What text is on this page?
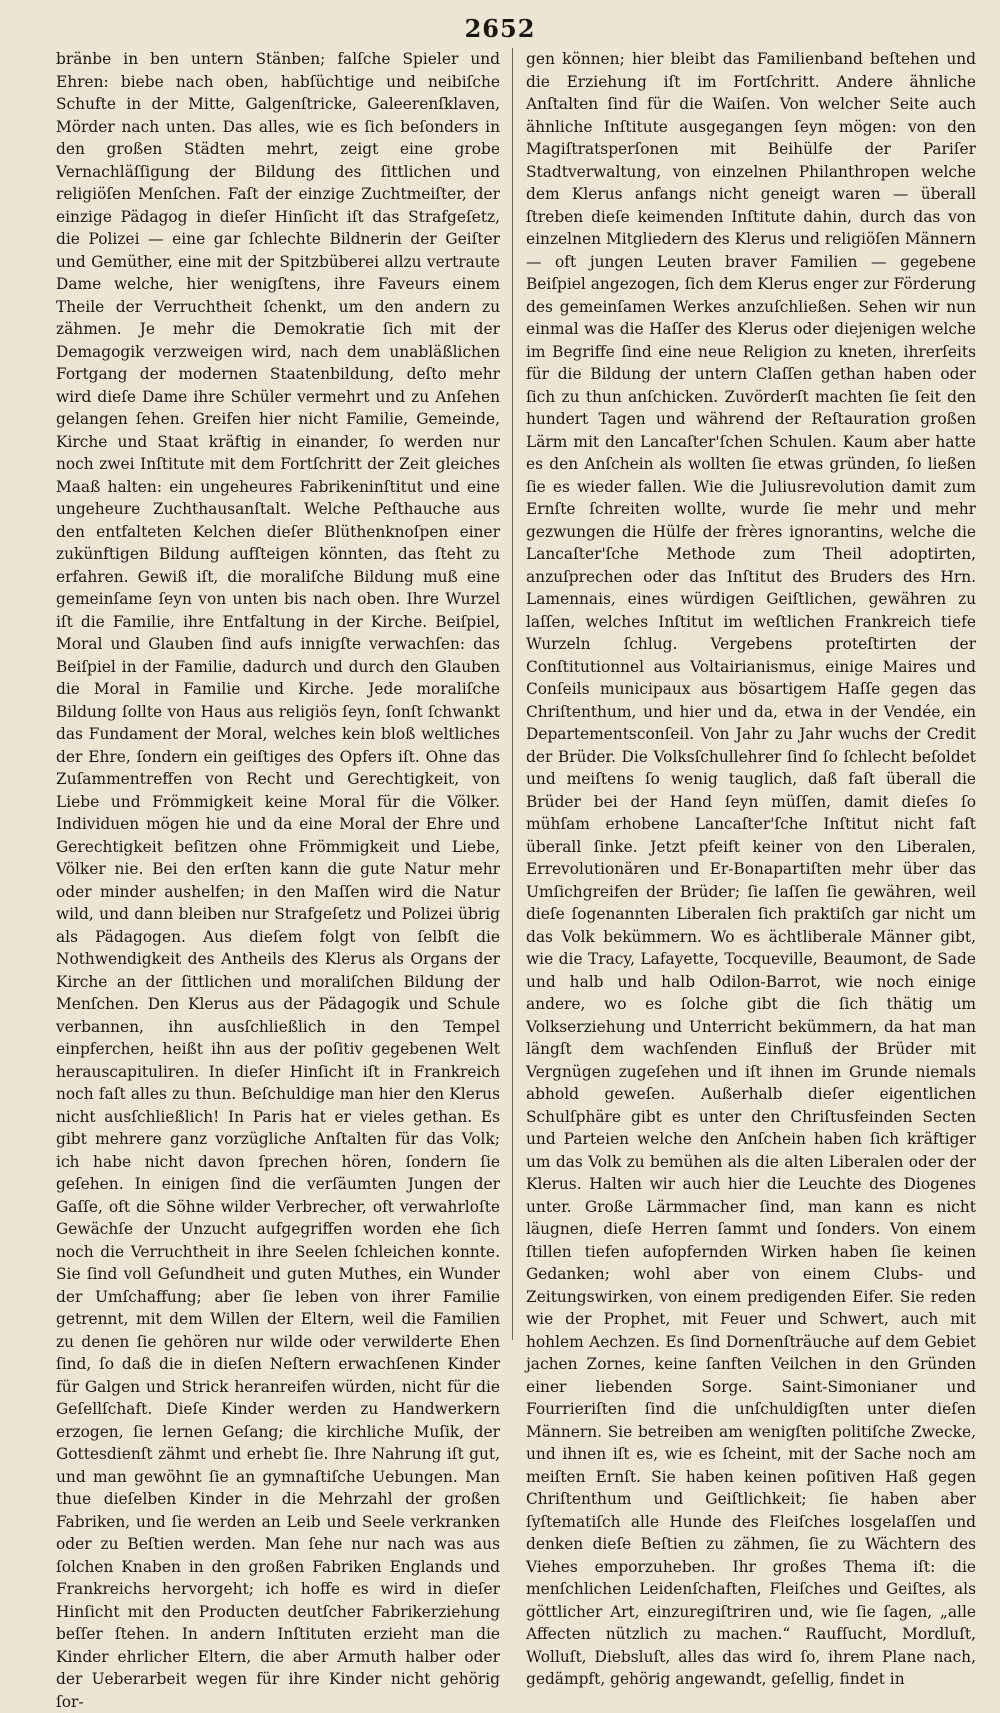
2652

bränbe in ben untern Stänben; falſche Spieler und Ehren: biebe nach oben, habſüchtige und neibiſche Schufte in der Mitte, Galgenſtricke, Galeerenſklaven, Mörder nach unten. Das alles, wie es ſich beſonders in den großen Städten mehrt, zeigt eine grobe Vernachläſſigung der Bildung des ſittlichen und religiöſen Menſchen. Faſt der einzige Zuchtmeiſter, der einzige Pädagog in dieſer Hinſicht iſt das Strafgeſetz, die Polizei — eine gar ſchlechte Bildnerin der Geiſter und Gemüther, eine mit der Spitzbüberei allzu vertraute Dame welche, hier wenigſtens, ihre Faveurs einem Theile der Verruchtheit ſchenkt, um den andern zu zähmen. Je mehr die Demokratie ſich mit der Demagogik verzweigen wird, nach dem unabläßlichen Fortgang der modernen Staatenbildung, deſto mehr wird dieſe Dame ihre Schüler vermehrt und zu Anſehen gelangen ſehen. Greifen hier nicht Familie, Gemeinde, Kirche und Staat kräftig in einander, ſo werden nur noch zwei Inſtitute mit dem Fortſchritt der Zeit gleiches Maaß halten: ein ungeheures Fabrikeninſtitut und eine ungeheure Zuchthausanſtalt. Welche Peſthauche aus den entfalteten Kelchen dieſer Blüthenknoſpen einer zukünftigen Bildung aufſteigen könnten, das ſteht zu erfahren. Gewiß iſt, die moraliſche Bildung muß eine gemeinſame ſeyn von unten bis nach oben. Ihre Wurzel iſt die Familie, ihre Entfaltung in der Kirche. Beiſpiel, Moral und Glauben ſind aufs innigſte verwachſen: das Beiſpiel in der Familie, dadurch und durch den Glauben die Moral in Familie und Kirche. Jede moraliſche Bildung ſollte von Haus aus religiös ſeyn, ſonſt ſchwankt das Fundament der Moral, welches kein bloß weltliches der Ehre, ſondern ein geiſtiges des Opfers iſt. Ohne das Zuſammentreffen von Recht und Gerechtigkeit, von Liebe und Frömmigkeit keine Moral für die Völker. Individuen mögen hie und da eine Moral der Ehre und Gerechtigkeit beſitzen ohne Frömmigkeit und Liebe, Völker nie. Bei den erſten kann die gute Natur mehr oder minder aushelfen; in den Maſſen wird die Natur wild, und dann bleiben nur Strafgeſetz und Polizei übrig als Pädagogen. Aus dieſem folgt von ſelbſt die Nothwendigkeit des Antheils des Klerus als Organs der Kirche an der ſittlichen und moraliſchen Bildung der Menſchen. Den Klerus aus der Pädagogik und Schule verbannen, ihn ausſchließlich in den Tempel einpferchen, heißt ihn aus der poſitiv gegebenen Welt herauscapituliren. In dieſer Hinſicht iſt in Frankreich noch faſt alles zu thun. Beſchuldige man hier den Klerus nicht ausſchließlich! In Paris hat er vieles gethan. Es gibt mehrere ganz vorzügliche Anſtalten für das Volk; ich habe nicht davon ſprechen hören, ſondern ſie geſehen. In einigen ſind die verſäumten Jungen der Gaſſe, oft die Söhne wilder Verbrecher, oft verwahrloſte Gewächſe der Unzucht aufgegriffen worden ehe ſich noch die Verruchtheit in ihre Seelen ſchleichen konnte. Sie ſind voll Geſundheit und guten Muthes, ein Wunder der Umſchaffung; aber ſie leben von ihrer Familie getrennt, mit dem Willen der Eltern, weil die Familien zu denen ſie gehören nur wilde oder verwilderte Ehen ſind, ſo daß die in dieſen Neſtern erwachſenen Kinder für Galgen und Strick heranreifen würden, nicht für die Geſellſchaft. Dieſe Kinder werden zu Handwerkern erzogen, ſie lernen Geſang; die kirchliche Muſik, der Gottesdienſt zähmt und erhebt ſie. Ihre Nahrung iſt gut, und man gewöhnt ſie an gymnaſtiſche Uebungen. Man thue dieſelben Kinder in die Mehrzahl der großen Fabriken, und ſie werden an Leib und Seele verkranken oder zu Beſtien werden. Man ſehe nur nach was aus ſolchen Knaben in den großen Fabriken Englands und Frankreichs hervorgeht; ich hoffe es wird in dieſer Hinſicht mit den Producten deutſcher Fabrikerziehung beſſer ſtehen. In andern Inſtituten erzieht man die Kinder ehrlicher Eltern, die aber Armuth halber oder der Ueberarbeit wegen für ihre Kinder nicht gehörig ſor-

gen können; hier bleibt das Familienband beſtehen und die Erziehung iſt im Fortſchritt. Andere ähnliche Anſtalten ſind für die Waiſen. Von welcher Seite auch ähnliche Inſtitute ausgegangen ſeyn mögen: von den Magiſtratsperſonen mit Beihülfe der Pariſer Stadtverwaltung, von einzelnen Philanthropen welche dem Klerus anfangs nicht geneigt waren — überall ſtreben dieſe keimenden Inſtitute dahin, durch das von einzelnen Mitgliedern des Klerus und religiöſen Männern — oft jungen Leuten braver Familien — gegebene Beiſpiel angezogen, ſich dem Klerus enger zur Förderung des gemeinſamen Werkes anzuſchließen. Sehen wir nun einmal was die Haſſer des Klerus oder diejenigen welche im Begriffe ſind eine neue Religion zu kneten, ihrerſeits für die Bildung der untern Claſſen gethan haben oder ſich zu thun anſchicken. Zuvörderſt machten ſie ſeit den hundert Tagen und während der Reſtauration großen Lärm mit den Lancaſter'ſchen Schulen. Kaum aber hatte es den Anſchein als wollten ſie etwas gründen, ſo ließen ſie es wieder fallen. Wie die Juliusrevolution damit zum Ernſte ſchreiten wollte, wurde ſie mehr und mehr gezwungen die Hülfe der frères ignorantins, welche die Lancaſter'ſche Methode zum Theil adoptirten, anzuſprechen oder das Inſtitut des Bruders des Hrn. Lamennais, eines würdigen Geiſtlichen, gewähren zu laſſen, welches Inſtitut im weſtlichen Frankreich tiefe Wurzeln ſchlug. Vergebens proteſtirten der Conſtitutionnel aus Voltairianismus, einige Maires und Conſeils municipaux aus bösartigem Haſſe gegen das Chriſtenthum, und hier und da, etwa in der Vendée, ein Departementsconſeil. Von Jahr zu Jahr wuchs der Credit der Brüder. Die Volksſchullehrer ſind ſo ſchlecht beſoldet und meiſtens ſo wenig tauglich, daß faſt überall die Brüder bei der Hand ſeyn müſſen, damit dieſes ſo mühſam erhobene Lancaſter'ſche Inſtitut nicht faſt überall ſinke. Jetzt pfeift keiner von den Liberalen, Errevolutionären und Er-Bonapartiſten mehr über das Umſichgreifen der Brüder; ſie laſſen ſie gewähren, weil dieſe ſogenannten Liberalen ſich praktiſch gar nicht um das Volk bekümmern. Wo es ächtliberale Männer gibt, wie die Tracy, Lafayette, Tocqueville, Beaumont, de Sade und halb und halb Odilon-Barrot, wie noch einige andere, wo es ſolche gibt die ſich thätig um Volkserziehung und Unterricht bekümmern, da hat man längſt dem wachſenden Einfluß der Brüder mit Vergnügen zugeſehen und iſt ihnen im Grunde niemals abhold geweſen. Außerhalb dieſer eigentlichen Schulſphäre gibt es unter den Chriſtusfeinden Secten und Parteien welche den Anſchein haben ſich kräftiger um das Volk zu bemühen als die alten Liberalen oder der Klerus. Halten wir auch hier die Leuchte des Diogenes unter. Große Lärmmacher ſind, man kann es nicht läugnen, dieſe Herren ſammt und ſonders. Von einem ſtillen tiefen aufopfernden Wirken haben ſie keinen Gedanken; wohl aber von einem Clubs- und Zeitungswirken, von einem predigenden Eifer. Sie reden wie der Prophet, mit Feuer und Schwert, auch mit hohlem Aechzen. Es ſind Dornenſträuche auf dem Gebiet jachen Zornes, keine ſanften Veilchen in den Gründen einer liebenden Sorge. Saint-Simonianer und Fourrieriſten ſind die unſchuldigſten unter dieſen Männern. Sie betreiben am wenigſten politiſche Zwecke, und ihnen iſt es, wie es ſcheint, mit der Sache noch am meiſten Ernſt. Sie haben keinen poſitiven Haß gegen Chriſtenthum und Geiſtlichkeit; ſie haben aber ſyſtematiſch alle Hunde des Fleiſches losgelaſſen und denken dieſe Beſtien zu zähmen, ſie zu Wächtern des Viehes emporzuheben. Ihr großes Thema iſt: die menſchlichen Leidenſchaften, Fleiſches und Geiſtes, als göttlicher Art, einzuregiſtriren und, wie ſie ſagen, „alle Affecten nützlich zu machen.“ Raufſucht, Mordluſt, Wolluſt, Diebsluſt, alles das wird ſo, ihrem Plane nach, gedämpft, gehörig angewandt, geſellig, findet in
